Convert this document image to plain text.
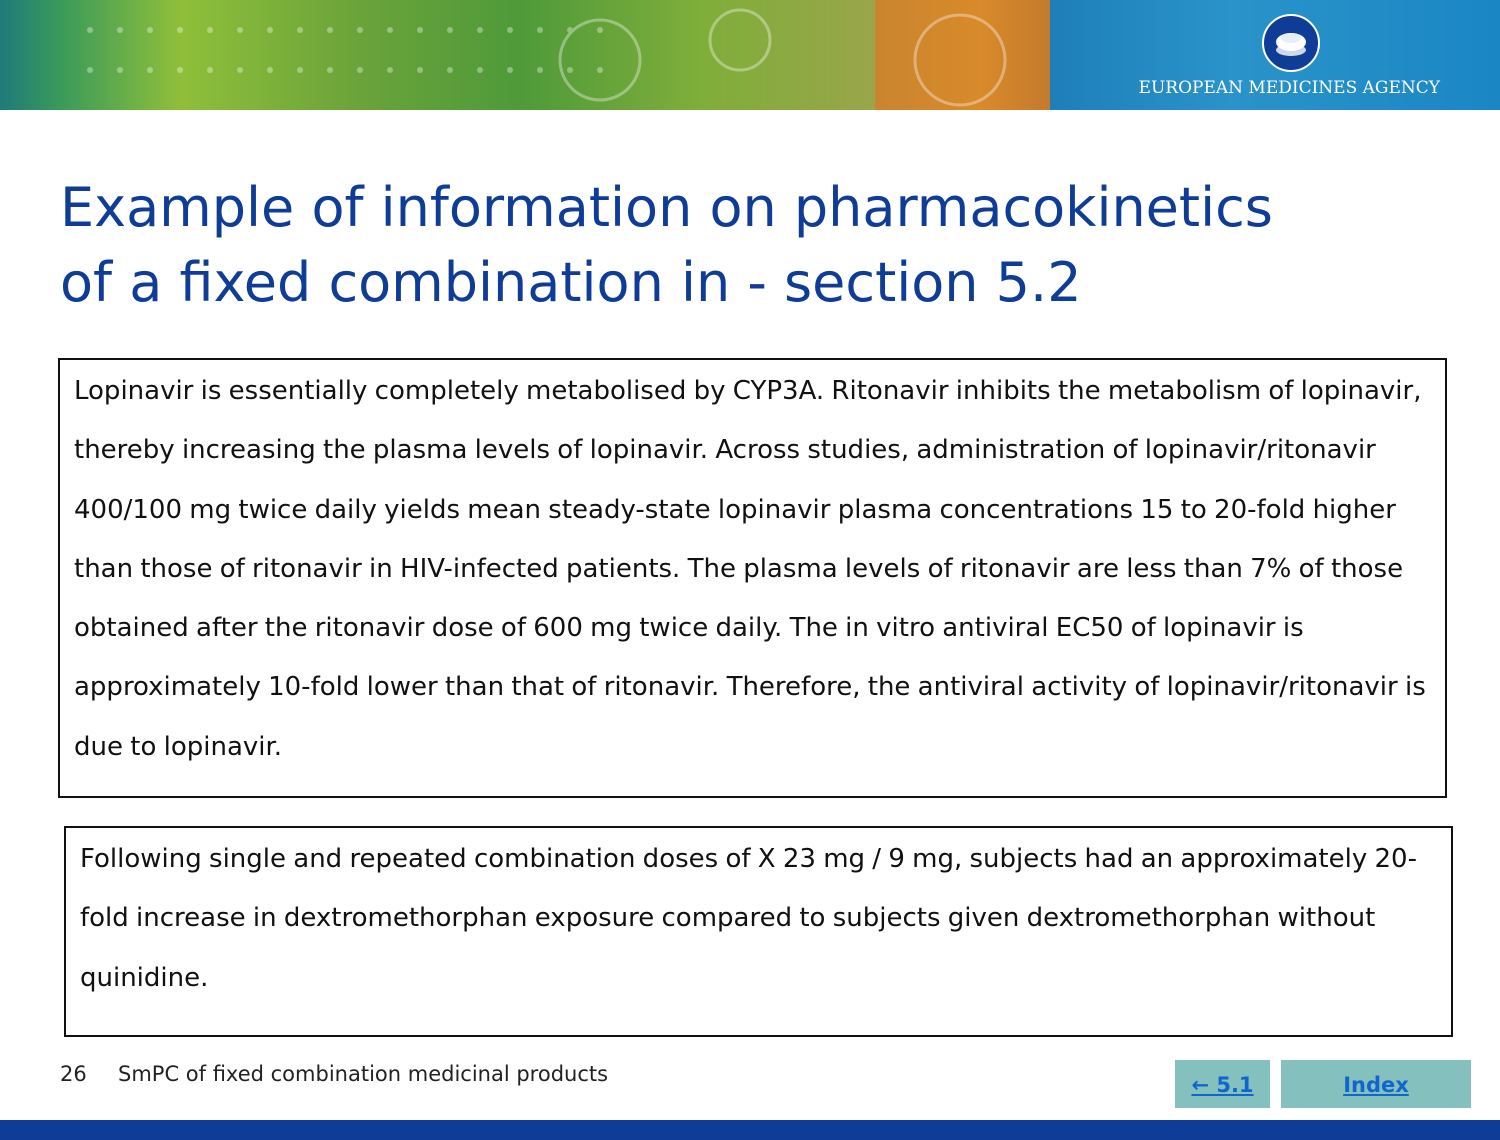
EUROPEAN MEDICINES AGENCY
Example of information on pharmacokinetics
of a fixed combination in - section 5.2

Lopinavir is essentially completely metabolised by CYP3A. Ritonavir inhibits the metabolism of lopinavir, thereby increasing the plasma levels of lopinavir. Across studies, administration of lopinavir/ritonavir 400/100 mg twice daily yields mean steady-state lopinavir plasma concentrations 15 to 20-fold higher than those of ritonavir in HIV-infected patients. The plasma levels of ritonavir are less than 7% of those obtained after the ritonavir dose of 600 mg twice daily. The in vitro antiviral EC50 of lopinavir is approximately 10-fold lower than that of ritonavir. Therefore, the antiviral activity of lopinavir/ritonavir is due to lopinavir.

Following single and repeated combination doses of X 23 mg / 9 mg, subjects had an approximately 20-fold increase in dextromethorphan exposure compared to subjects given dextromethorphan without quinidine.

26 SmPC of fixed combination medicinal products	← 5.1	Index
